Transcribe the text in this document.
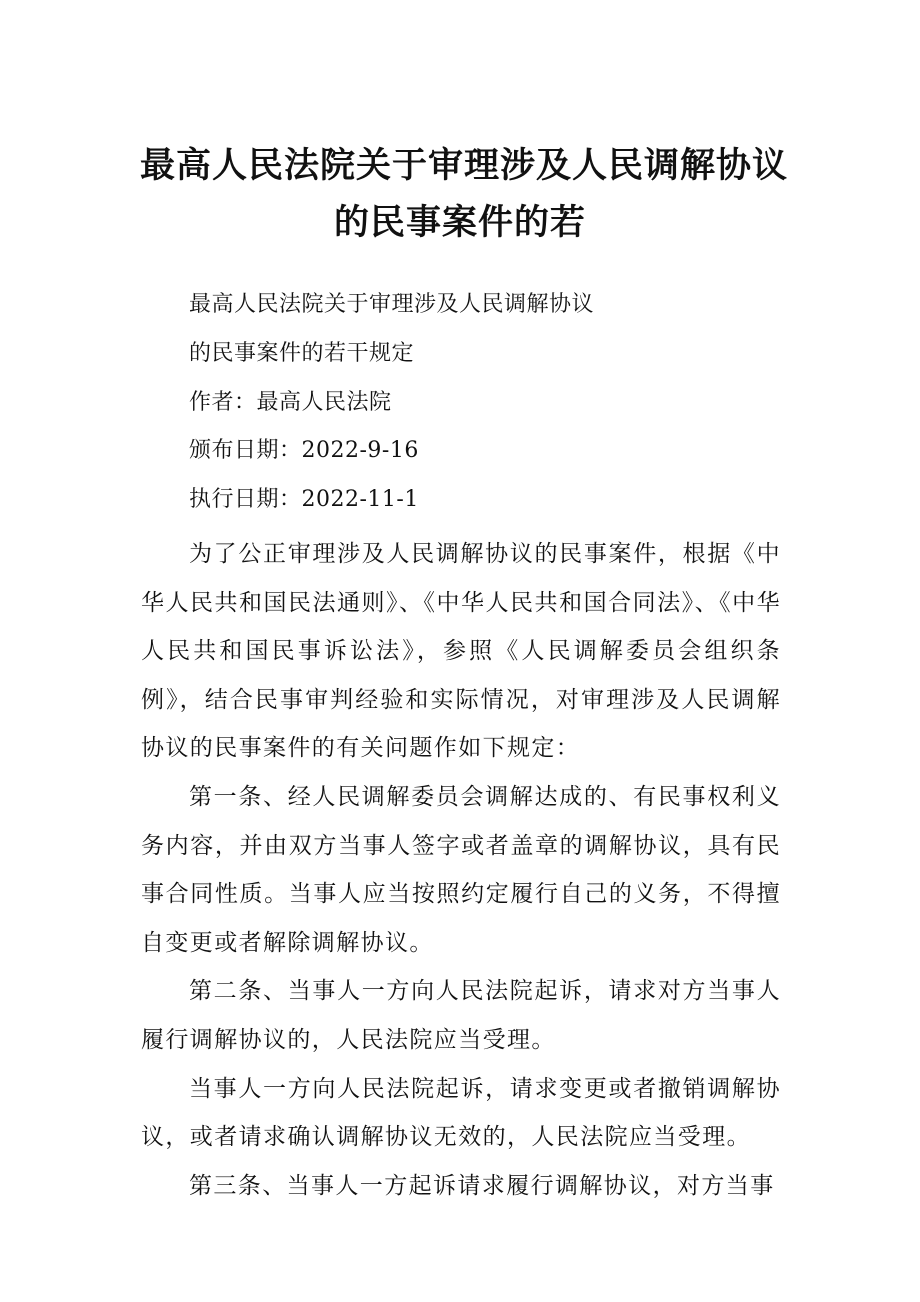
最高人民法院关于审理涉及人民调解协议
的民事案件的若
最高人民法院关于审理涉及人民调解协议
的民事案件的若干规定
作者：最高人民法院
颁布日期：2022-9-16
执行日期：2022-11-1

为了公正审理涉及人民调解协议的民事案件，根据《中华人民共和国民法通则》、《中华人民共和国合同法》、《中华人民共和国民事诉讼法》，参照《人民调解委员会组织条例》，结合民事审判经验和实际情况，对审理涉及人民调解协议的民事案件的有关问题作如下规定：

第一条、经人民调解委员会调解达成的、有民事权利义务内容，并由双方当事人签字或者盖章的调解协议，具有民事合同性质。当事人应当按照约定履行自己的义务，不得擅自变更或者解除调解协议。

第二条、当事人一方向人民法院起诉，请求对方当事人履行调解协议的，人民法院应当受理。

当事人一方向人民法院起诉，请求变更或者撤销调解协议，或者请求确认调解协议无效的，人民法院应当受理。

第三条、当事人一方起诉请求履行调解协议，对方当事
